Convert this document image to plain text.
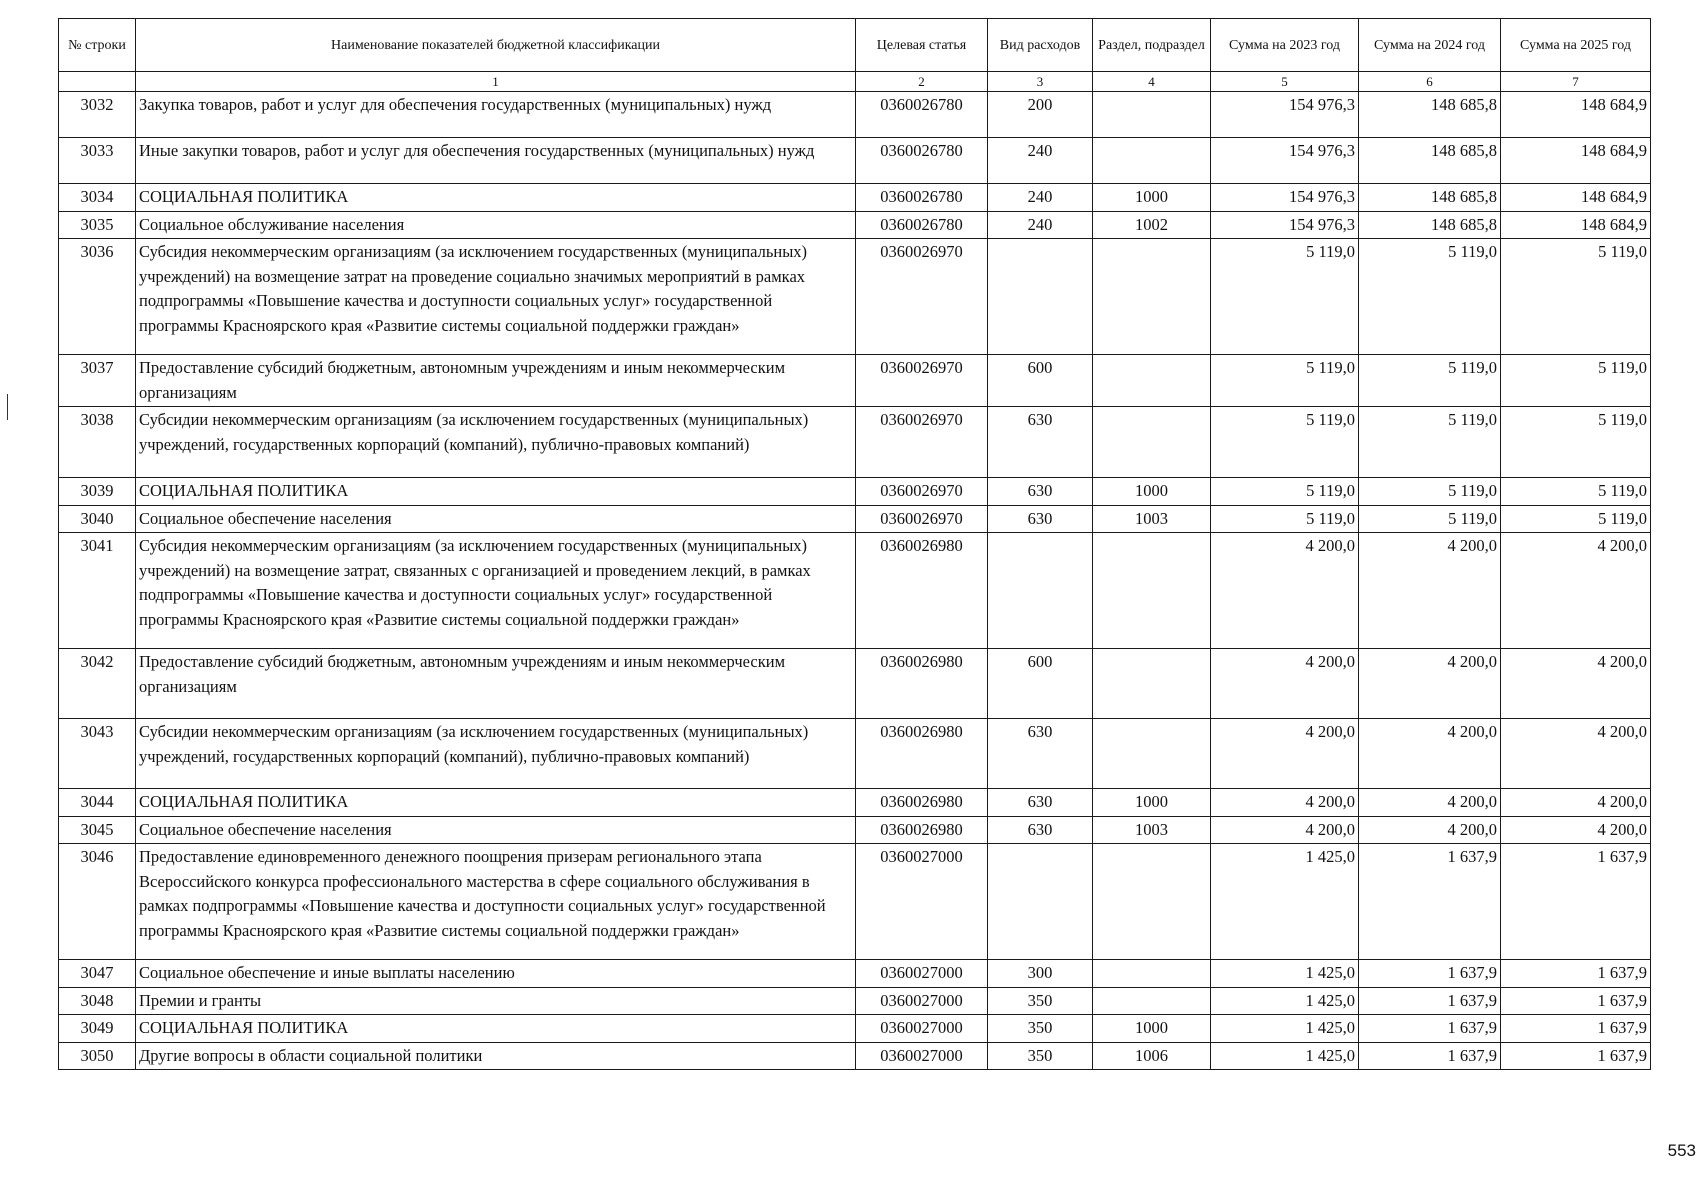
№ строки	Наименование показателей бюджетной классификации	Целевая статья	Вид расходов	Раздел, подраздел	Сумма на 2023 год	Сумма на 2024 год	Сумма на 2025 год
	1	2	3	4	5	6	7
3032	Закупка товаров, работ и услуг для обеспечения государственных (муниципальных) нужд	0360026780	200		154 976,3	148 685,8	148 684,9
3033	Иные закупки товаров, работ и услуг для обеспечения государственных (муниципальных) нужд	0360026780	240		154 976,3	148 685,8	148 684,9
3034	СОЦИАЛЬНАЯ ПОЛИТИКА	0360026780	240	1000	154 976,3	148 685,8	148 684,9
3035	Социальное обслуживание населения	0360026780	240	1002	154 976,3	148 685,8	148 684,9
3036	Субсидия некоммерческим организациям (за исключением государственных (муниципальных) учреждений) на возмещение затрат на проведение социально значимых мероприятий в рамках подпрограммы «Повышение качества и доступности социальных услуг» государственной программы Красноярского края «Развитие системы социальной поддержки граждан»	0360026970			5 119,0	5 119,0	5 119,0
3037	Предоставление субсидий бюджетным, автономным учреждениям и иным некоммерческим организациям	0360026970	600		5 119,0	5 119,0	5 119,0
3038	Субсидии некоммерческим организациям (за исключением государственных (муниципальных) учреждений, государственных корпораций (компаний), публично-правовых компаний)	0360026970	630		5 119,0	5 119,0	5 119,0
3039	СОЦИАЛЬНАЯ ПОЛИТИКА	0360026970	630	1000	5 119,0	5 119,0	5 119,0
3040	Социальное обеспечение населения	0360026970	630	1003	5 119,0	5 119,0	5 119,0
3041	Субсидия некоммерческим организациям (за исключением государственных (муниципальных) учреждений) на возмещение затрат, связанных с организацией и проведением лекций, в рамках подпрограммы «Повышение качества и доступности социальных услуг» государственной программы Красноярского края «Развитие системы социальной поддержки граждан»	0360026980			4 200,0	4 200,0	4 200,0
3042	Предоставление субсидий бюджетным, автономным учреждениям и иным некоммерческим организациям	0360026980	600		4 200,0	4 200,0	4 200,0
3043	Субсидии некоммерческим организациям (за исключением государственных (муниципальных) учреждений, государственных корпораций (компаний), публично-правовых компаний)	0360026980	630		4 200,0	4 200,0	4 200,0
3044	СОЦИАЛЬНАЯ ПОЛИТИКА	0360026980	630	1000	4 200,0	4 200,0	4 200,0
3045	Социальное обеспечение населения	0360026980	630	1003	4 200,0	4 200,0	4 200,0
3046	Предоставление единовременного денежного поощрения призерам регионального этапа Всероссийского конкурса профессионального мастерства в сфере социального обслуживания в рамках подпрограммы «Повышение качества и доступности социальных услуг» государственной программы Красноярского края «Развитие системы социальной поддержки граждан»	0360027000			1 425,0	1 637,9	1 637,9
3047	Социальное обеспечение и иные выплаты населению	0360027000	300		1 425,0	1 637,9	1 637,9
3048	Премии и гранты	0360027000	350		1 425,0	1 637,9	1 637,9
3049	СОЦИАЛЬНАЯ ПОЛИТИКА	0360027000	350	1000	1 425,0	1 637,9	1 637,9
3050	Другие вопросы в области социальной политики	0360027000	350	1006	1 425,0	1 637,9	1 637,9
553
